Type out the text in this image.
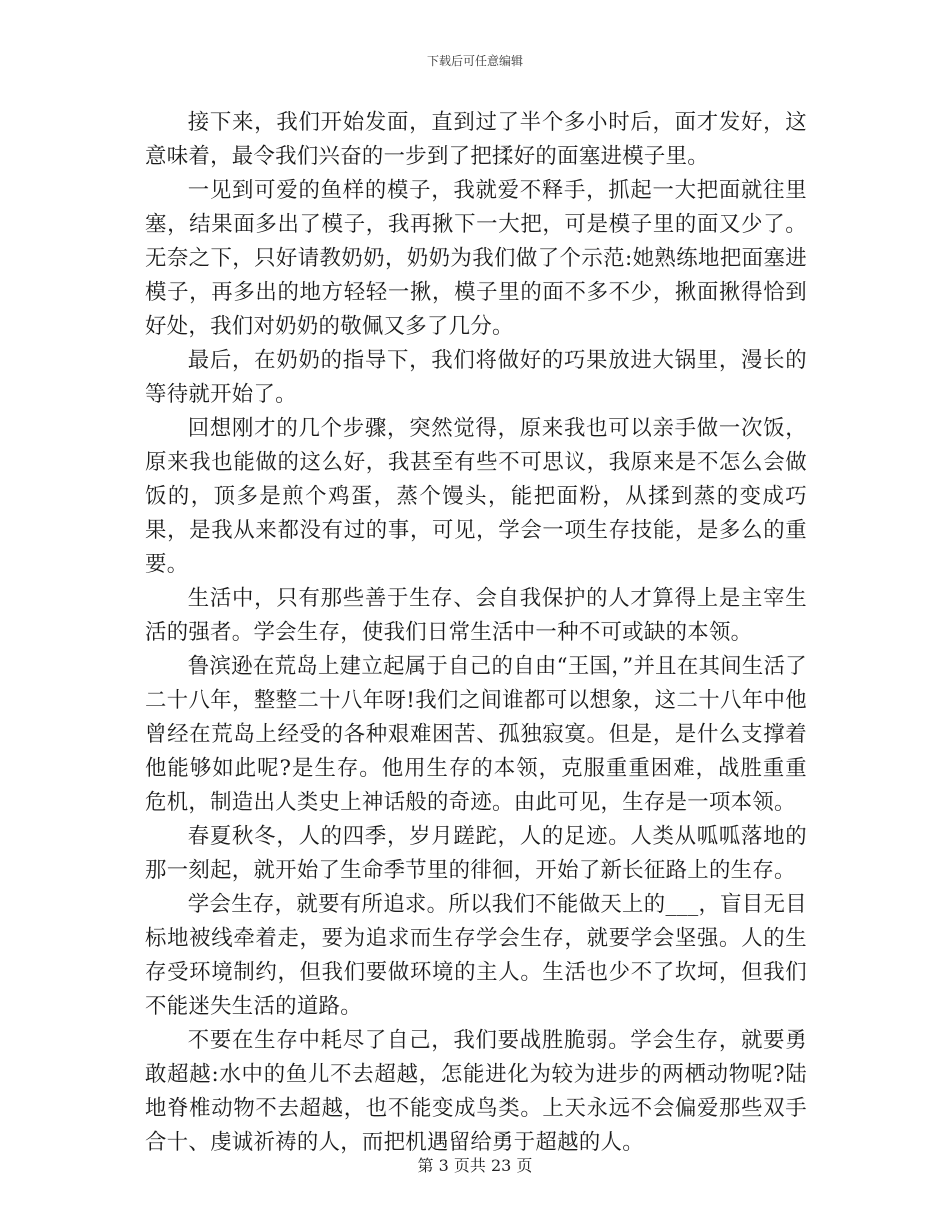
下载后可任意编辑

接下来，我们开始发面，直到过了半个多小时后，面才发好，这意味着，最令我们兴奋的一步到了把揉好的面塞进模子里。

一见到可爱的鱼样的模子，我就爱不释手，抓起一大把面就往里塞，结果面多出了模子，我再揪下一大把，可是模子里的面又少了。无奈之下，只好请教奶奶，奶奶为我们做了个示范:她熟练地把面塞进模子，再多出的地方轻轻一揪，模子里的面不多不少，揪面揪得恰到好处，我们对奶奶的敬佩又多了几分。

最后，在奶奶的指导下，我们将做好的巧果放进大锅里，漫长的等待就开始了。

回想刚才的几个步骤，突然觉得，原来我也可以亲手做一次饭，原来我也能做的这么好，我甚至有些不可思议，我原来是不怎么会做饭的，顶多是煎个鸡蛋，蒸个馒头，能把面粉，从揉到蒸的变成巧果，是我从来都没有过的事，可见，学会一项生存技能，是多么的重要。

生活中，只有那些善于生存、会自我保护的人才算得上是主宰生活的强者。学会生存，使我们日常生活中一种不可或缺的本领。

鲁滨逊在荒岛上建立起属于自己的自由“王国，”并且在其间生活了二十八年，整整二十八年呀!我们之间谁都可以想象，这二十八年中他曾经在荒岛上经受的各种艰难困苦、孤独寂寞。但是，是什么支撑着他能够如此呢?是生存。他用生存的本领，克服重重困难，战胜重重危机，制造出人类史上神话般的奇迹。由此可见，生存是一项本领。

春夏秋冬，人的四季，岁月蹉跎，人的足迹。人类从呱呱落地的那一刻起，就开始了生命季节里的徘徊，开始了新长征路上的生存。

学会生存，就要有所追求。所以我们不能做天上的___，盲目无目标地被线牵着走，要为追求而生存学会生存，就要学会坚强。人的生存受环境制约，但我们要做环境的主人。生活也少不了坎坷，但我们不能迷失生活的道路。

不要在生存中耗尽了自己，我们要战胜脆弱。学会生存，就要勇敢超越:水中的鱼儿不去超越，怎能进化为较为进步的两栖动物呢?陆地脊椎动物不去超越，也不能变成鸟类。上天永远不会偏爱那些双手合十、虔诚祈祷的人，而把机遇留给勇于超越的人。

第 3 页共 23 页
